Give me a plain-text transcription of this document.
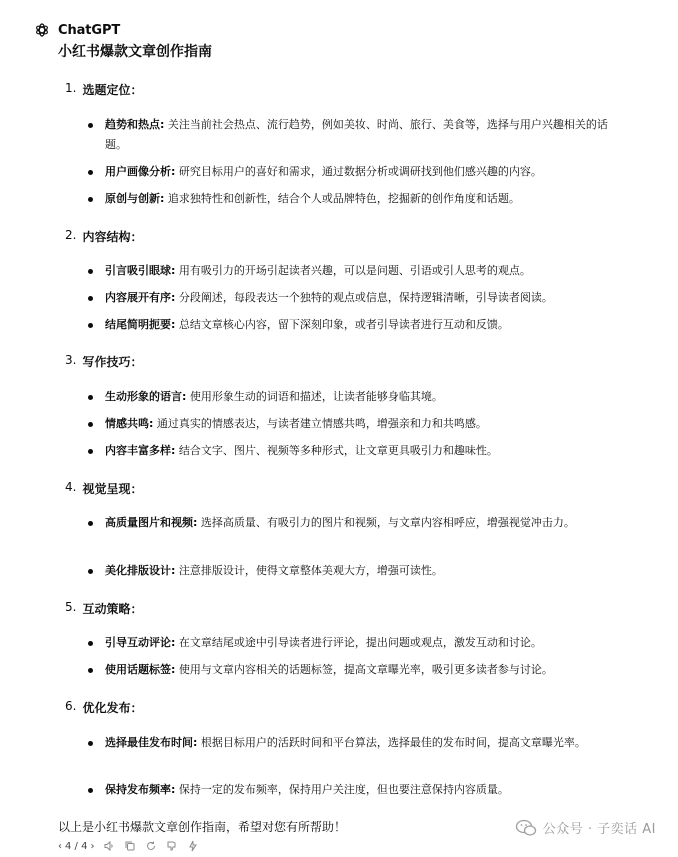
ChatGPT
小红书爆款文章创作指南
1. 选题定位：
趋势和热点: 关注当前社会热点、流行趋势，例如美妆、时尚、旅行、美食等，选择与用户兴趣相关的话题。
用户画像分析: 研究目标用户的喜好和需求，通过数据分析或调研找到他们感兴趣的内容。
原创与创新: 追求独特性和创新性，结合个人或品牌特色，挖掘新的创作角度和话题。
2. 内容结构：
引言吸引眼球: 用有吸引力的开场引起读者兴趣，可以是问题、引语或引人思考的观点。
内容展开有序: 分段阐述，每段表达一个独特的观点或信息，保持逻辑清晰，引导读者阅读。
结尾简明扼要: 总结文章核心内容，留下深刻印象，或者引导读者进行互动和反馈。
3. 写作技巧：
生动形象的语言: 使用形象生动的词语和描述，让读者能够身临其境。
情感共鸣: 通过真实的情感表达，与读者建立情感共鸣，增强亲和力和共鸣感。
内容丰富多样: 结合文字、图片、视频等多种形式，让文章更具吸引力和趣味性。
4. 视觉呈现：
高质量图片和视频: 选择高质量、有吸引力的图片和视频，与文章内容相呼应，增强视觉冲击力。
美化排版设计: 注意排版设计，使得文章整体美观大方，增强可读性。
5. 互动策略：
引导互动评论: 在文章结尾或途中引导读者进行评论，提出问题或观点，激发互动和讨论。
使用话题标签: 使用与文章内容相关的话题标签，提高文章曝光率，吸引更多读者参与讨论。
6. 优化发布：
选择最佳发布时间: 根据目标用户的活跃时间和平台算法，选择最佳的发布时间，提高文章曝光率。
保持发布频率: 保持一定的发布频率，保持用户关注度，但也要注意保持内容质量。
以上是小红书爆款文章创作指南，希望对您有所帮助！
‹ 4 / 4 ›
公众号 · 子奕话 AI
